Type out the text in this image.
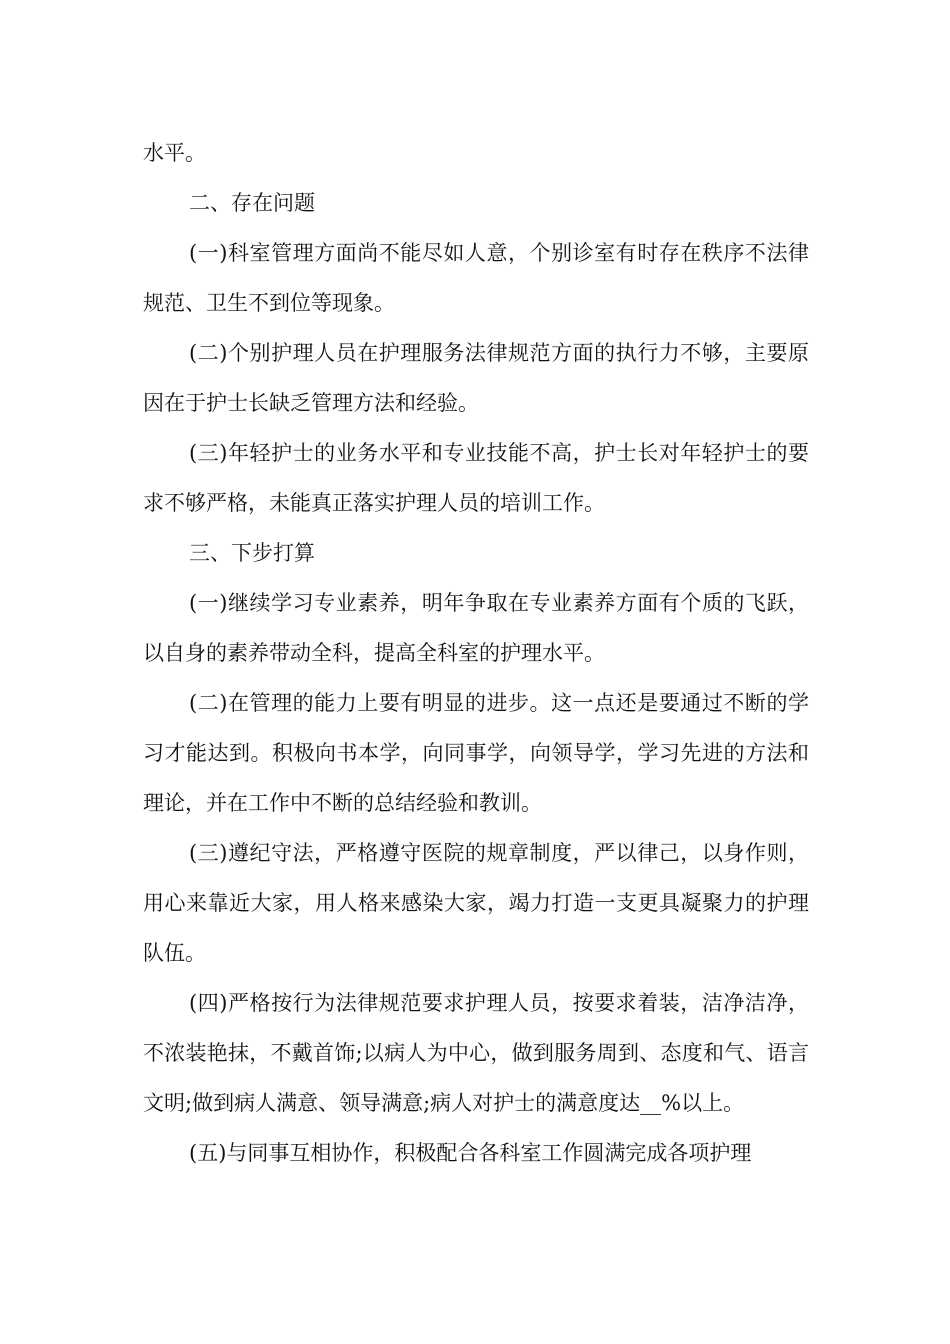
水平。

二、存在问题

(一)科室管理方面尚不能尽如人意，个别诊室有时存在秩序不法律规范、卫生不到位等现象。

(二)个别护理人员在护理服务法律规范方面的执行力不够，主要原因在于护士长缺乏管理方法和经验。

(三)年轻护士的业务水平和专业技能不高，护士长对年轻护士的要求不够严格，未能真正落实护理人员的培训工作。

三、下步打算

(一)继续学习专业素养，明年争取在专业素养方面有个质的飞跃，以自身的素养带动全科，提高全科室的护理水平。

(二)在管理的能力上要有明显的进步。这一点还是要通过不断的学习才能达到。积极向书本学，向同事学，向领导学，学习先进的方法和理论，并在工作中不断的总结经验和教训。

(三)遵纪守法，严格遵守医院的规章制度，严以律己，以身作则，用心来靠近大家，用人格来感染大家，竭力打造一支更具凝聚力的护理队伍。

(四)严格按行为法律规范要求护理人员，按要求着装，洁净洁净，不浓装艳抹，不戴首饰;以病人为中心，做到服务周到、态度和气、语言文明;做到病人满意、领导满意;病人对护士的满意度达__%以上。

(五)与同事互相协作，积极配合各科室工作圆满完成各项护理
